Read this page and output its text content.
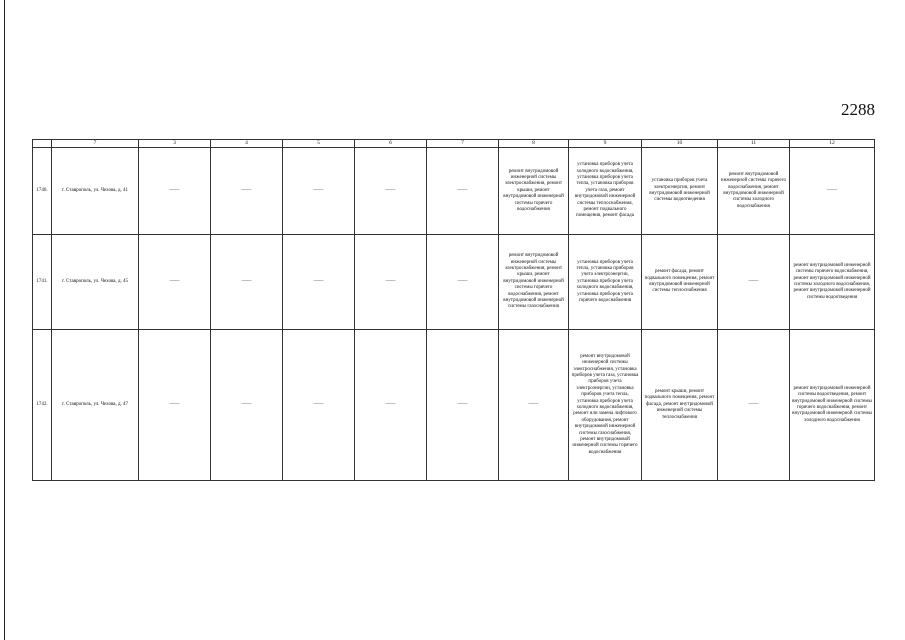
2288
	7	3	4	5	6	7	8	9	10	11	12
1740.	г. Ставрополь, ул. Чехова, д. 41	——	——	——	——	——	ремонт внутридомовой инженерной системы электроснабжения, ремонт крыши, ремонт внутридомовой инженерной системы горячего водоснабжения	установка приборов учета холодного водоснабжения, установка приборов учета тепла, установка приборов учета газа, ремонт внутридомовой инженерной системы теплоснабжения, ремонт подвального помещения, ремонт фасада	установка приборов учета электроэнергии, ремонт внутридомовой инженерной системы водоотведения	ремонт внутридомовой инженерной системы горячего водоснабжения, ремонт внутридомовой инженерной системы холодного водоснабжения	——
1741.	г. Ставрополь, ул. Чехова, д. 45	——	——	——	——	——	ремонт внутридомовой инженерной системы электроснабжения, ремонт крыши, ремонт внутридомовой инженерной системы горячего водоснабжения, ремонт внутридомовой инженерной системы газоснабжения	установка приборов учета тепла, установка приборов учета электроэнергии, установка приборов учета холодного водоснабжения, установка приборов учета горячего водоснабжения	ремонт фасада, ремонт подвального помещения, ремонт внутридомовой инженерной системы теплоснабжения	——	ремонт внутридомовой инженерной системы горячего водоснабжения, ремонт внутридомовой инженерной системы холодного водоснабжения, ремонт внутридомовой инженерной системы водоотведения
1742.	г. Ставрополь, ул. Чехова, д. 47	——	——	——	——	——	——	ремонт внутридомовой инженерной системы электроснабжения, установка приборов учета газа, установка приборов учета электроэнергии, установка приборов учета тепла, установка приборов учета холодного водоснабжения, ремонт или замена лифтового оборудования, ремонт внутридомовой инженерной системы газоснабжения, ремонт внутридомовой инженерной системы горячего водоснабжения	ремонт крыши, ремонт подвального помещения, ремонт фасада, ремонт внутридомовой инженерной системы теплоснабжения	——	ремонт внутридомовой инженерной системы водоотведения, ремонт внутридомовой инженерной системы горячего водоснабжения, ремонт внутридомовой инженерной системы холодного водоснабжения
